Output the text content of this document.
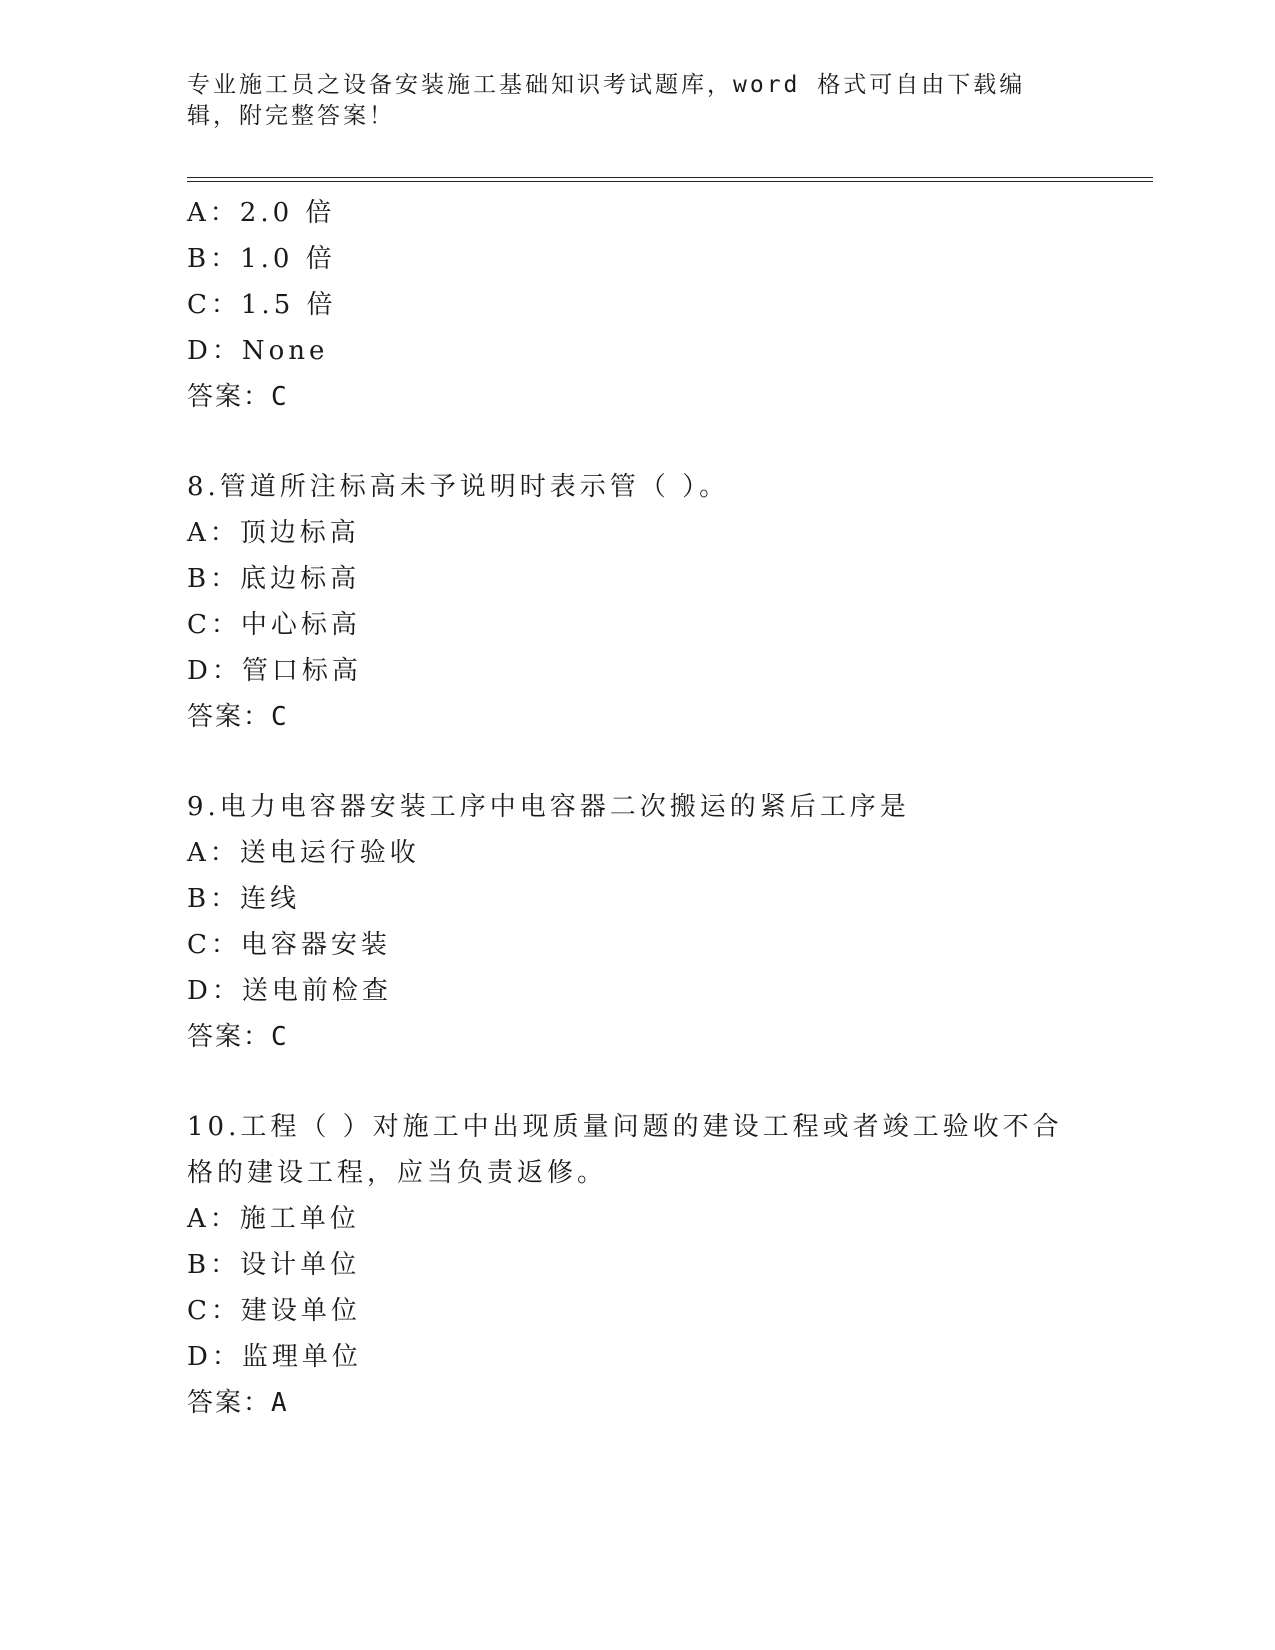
专业施工员之设备安装施工基础知识考试题库，word 格式可自由下载编辑，附完整答案！
A：2.0 倍
B：1.0 倍
C：1.5 倍
D：None
答案：C
8.管道所注标高未予说明时表示管（ ）。
A：顶边标高
B：底边标高
C：中心标高
D：管口标高
答案：C
9.电力电容器安装工序中电容器二次搬运的紧后工序是
A：送电运行验收
B：连线
C：电容器安装
D：送电前检查
答案：C
10.工程（ ）对施工中出现质量问题的建设工程或者竣工验收不合格的建设工程，应当负责返修。
A：施工单位
B：设计单位
C：建设单位
D：监理单位
答案：A
